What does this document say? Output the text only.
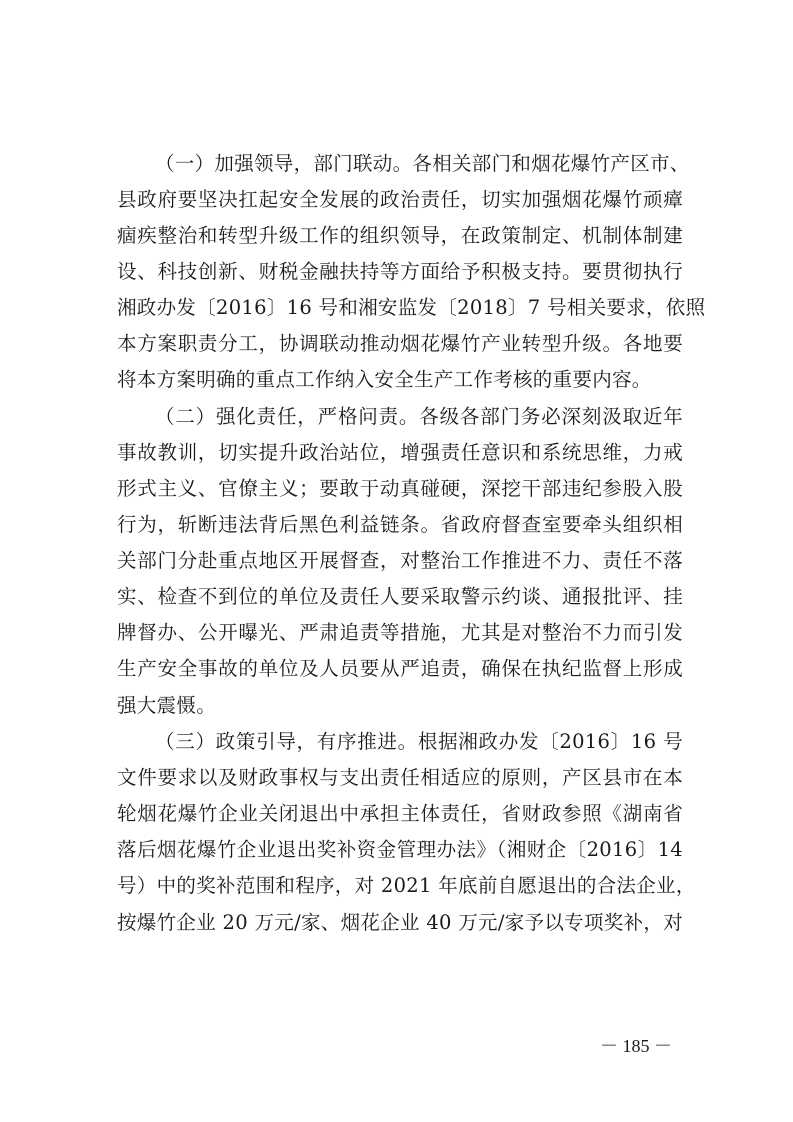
（一）加强领导，部门联动。各相关部门和烟花爆竹产区市、
县政府要坚决扛起安全发展的政治责任，切实加强烟花爆竹顽瘴
痼疾整治和转型升级工作的组织领导，在政策制定、机制体制建
设、科技创新、财税金融扶持等方面给予积极支持。要贯彻执行
湘政办发〔2016〕16 号和湘安监发〔2018〕7 号相关要求，依照
本方案职责分工，协调联动推动烟花爆竹产业转型升级。各地要
将本方案明确的重点工作纳入安全生产工作考核的重要内容。
（二）强化责任，严格问责。各级各部门务必深刻汲取近年
事故教训，切实提升政治站位，增强责任意识和系统思维，力戒
形式主义、官僚主义；要敢于动真碰硬，深挖干部违纪参股入股
行为，斩断违法背后黑色利益链条。省政府督查室要牵头组织相
关部门分赴重点地区开展督查，对整治工作推进不力、责任不落
实、检查不到位的单位及责任人要采取警示约谈、通报批评、挂
牌督办、公开曝光、严肃追责等措施，尤其是对整治不力而引发
生产安全事故的单位及人员要从严追责，确保在执纪监督上形成
强大震慑。
（三）政策引导，有序推进。根据湘政办发〔2016〕16 号
文件要求以及财政事权与支出责任相适应的原则，产区县市在本
轮烟花爆竹企业关闭退出中承担主体责任，省财政参照《湖南省
落后烟花爆竹企业退出奖补资金管理办法》（湘财企〔2016〕14
号）中的奖补范围和程序，对 2021 年底前自愿退出的合法企业，
按爆竹企业 20 万元/家、烟花企业 40 万元/家予以专项奖补，对
－ 185 －
